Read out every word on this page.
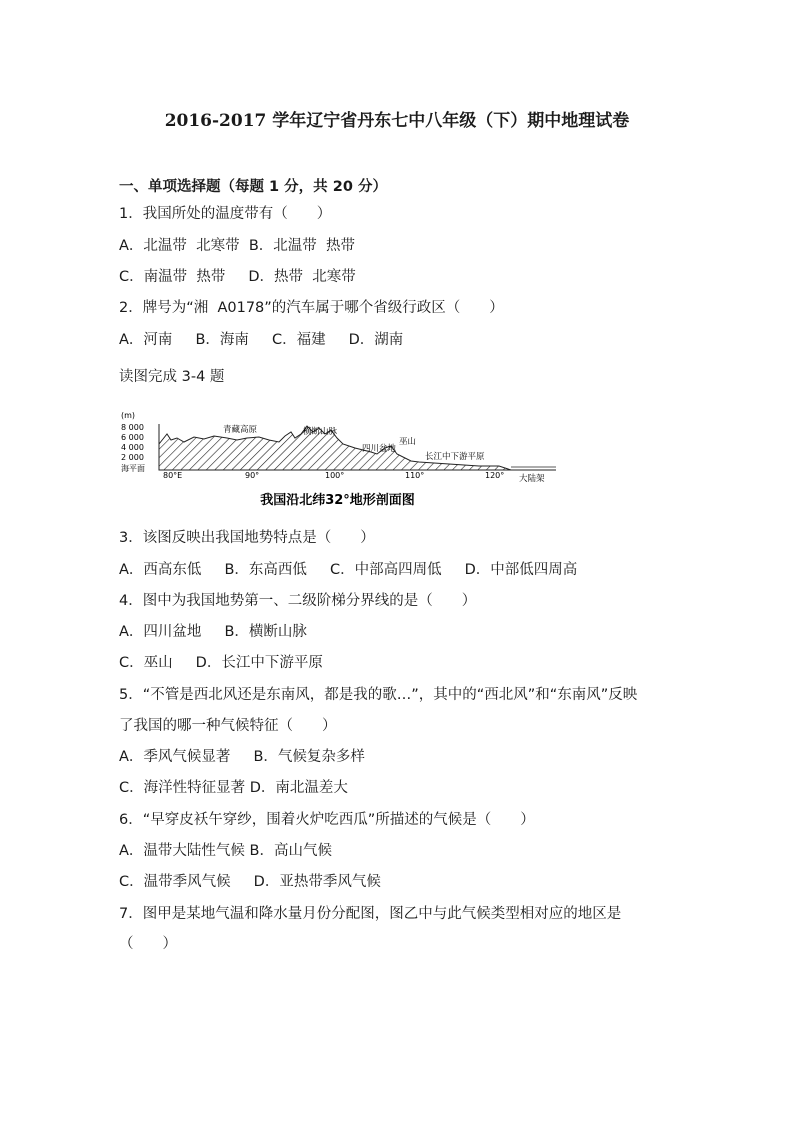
2016-2017 学年辽宁省丹东七中八年级（下）期中地理试卷
一、单项选择题（每题 1 分，共 20 分）
1．我国所处的温度带有（　　）
A．北温带  北寒带  B．北温带  热带
C．南温带  热带     D．热带  北寒带
2．牌号为“湘  A0178”的汽车属于哪个省级行政区（　　）
A．河南     B．海南     C．福建     D．湖南
读图完成 3-4 题
(m)
8 000
6 000
4 000
2 000
海平面
青藏高原	横断山脉
四川盆地
巫山
长江中下游平原
80°E	90°	100°	110°	120° 大陆架
我国沿北纬32°地形剖面图
3．该图反映出我国地势特点是（　　）
A．西高东低     B．东高西低     C．中部高四周低     D．中部低四周高
4．图中为我国地势第一、二级阶梯分界线的是（　　）
A．四川盆地     B．横断山脉
C．巫山     D．长江中下游平原
5．“不管是西北风还是东南风，都是我的歌…”，其中的“西北风”和“东南风”反映
了我国的哪一种气候特征（　　）
A．季风气候显著     B．气候复杂多样
C．海洋性特征显著 D．南北温差大
6．“早穿皮袄午穿纱，围着火炉吃西瓜”所描述的气候是（　　）
A．温带大陆性气候 B．高山气候
C．温带季风气候     D．亚热带季风气候
7．图甲是某地气温和降水量月份分配图，图乙中与此气候类型相对应的地区是
（　　）
